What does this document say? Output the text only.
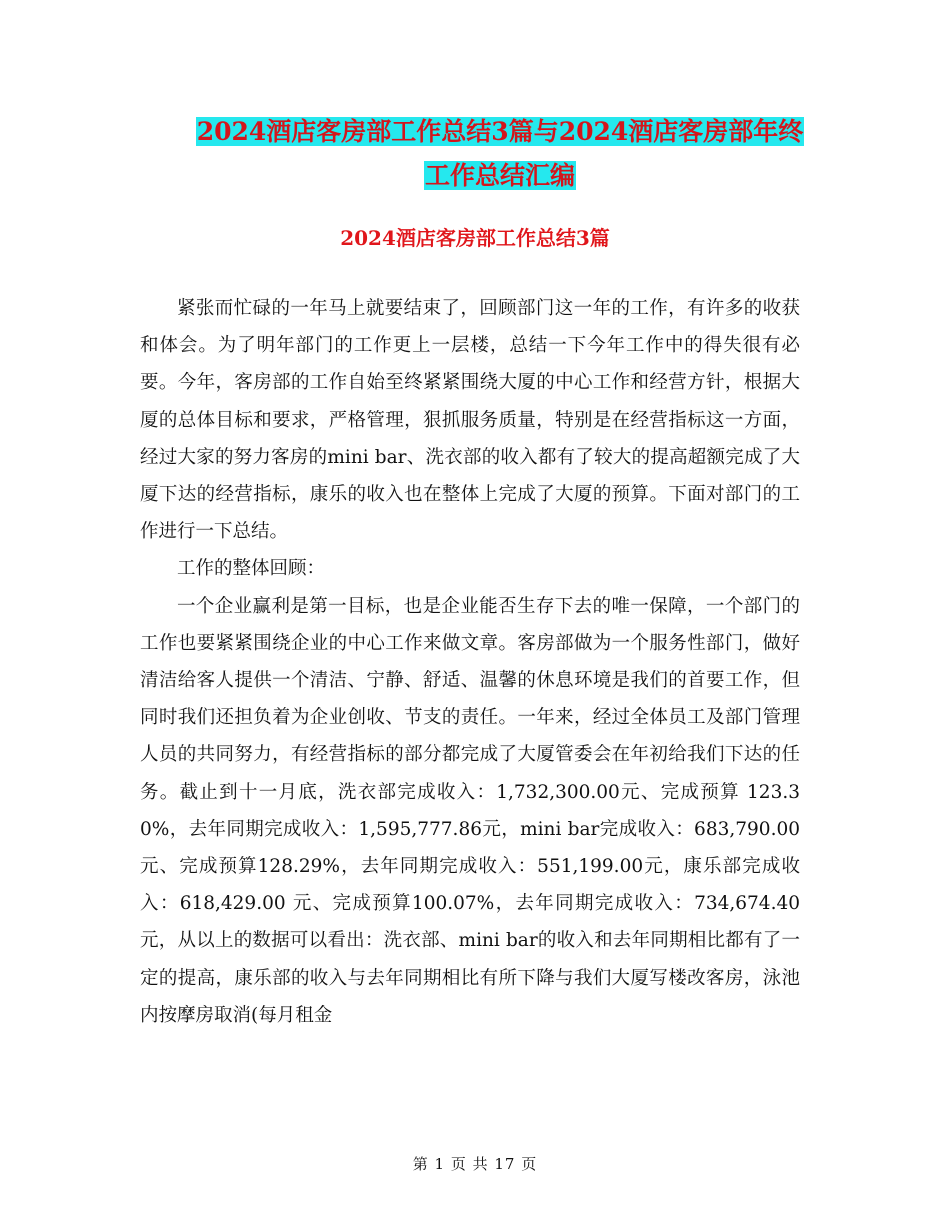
2024酒店客房部工作总结3篇与2024酒店客房部年终
工作总结汇编
2024酒店客房部工作总结3篇

紧张而忙碌的一年马上就要结束了，回顾部门这一年的工作，有许多的收获和体会。为了明年部门的工作更上一层楼，总结一下今年工作中的得失很有必要。今年，客房部的工作自始至终紧紧围绕大厦的中心工作和经营方针，根据大厦的总体目标和要求，严格管理，狠抓服务质量，特别是在经营指标这一方面，经过大家的努力客房的mini bar、洗衣部的收入都有了较大的提高超额完成了大厦下达的经营指标，康乐的收入也在整体上完成了大厦的预算。下面对部门的工作进行一下总结。

工作的整体回顾：

一个企业赢利是第一目标，也是企业能否生存下去的唯一保障，一个部门的工作也要紧紧围绕企业的中心工作来做文章。客房部做为一个服务性部门，做好清洁给客人提供一个清洁、宁静、舒适、温馨的休息环境是我们的首要工作，但同时我们还担负着为企业创收、节支的责任。一年来，经过全体员工及部门管理人员的共同努力，有经营指标的部分都完成了大厦管委会在年初给我们下达的任务。截止到十一月底，洗衣部完成收入：1,732,300.00元、完成预算 123.30%，去年同期完成收入：1,595,777.86元，mini bar完成收入：683,790.00元、完成预算128.29%，去年同期完成收入：551,199.00元，康乐部完成收入：618,429.00 元、完成预算100.07%，去年同期完成收入：734,674.40元，从以上的数据可以看出：洗衣部、mini bar的收入和去年同期相比都有了一定的提高，康乐部的收入与去年同期相比有所下降与我们大厦写楼改客房，泳池内按摩房取消(每月租金

第 1 页 共 17 页
